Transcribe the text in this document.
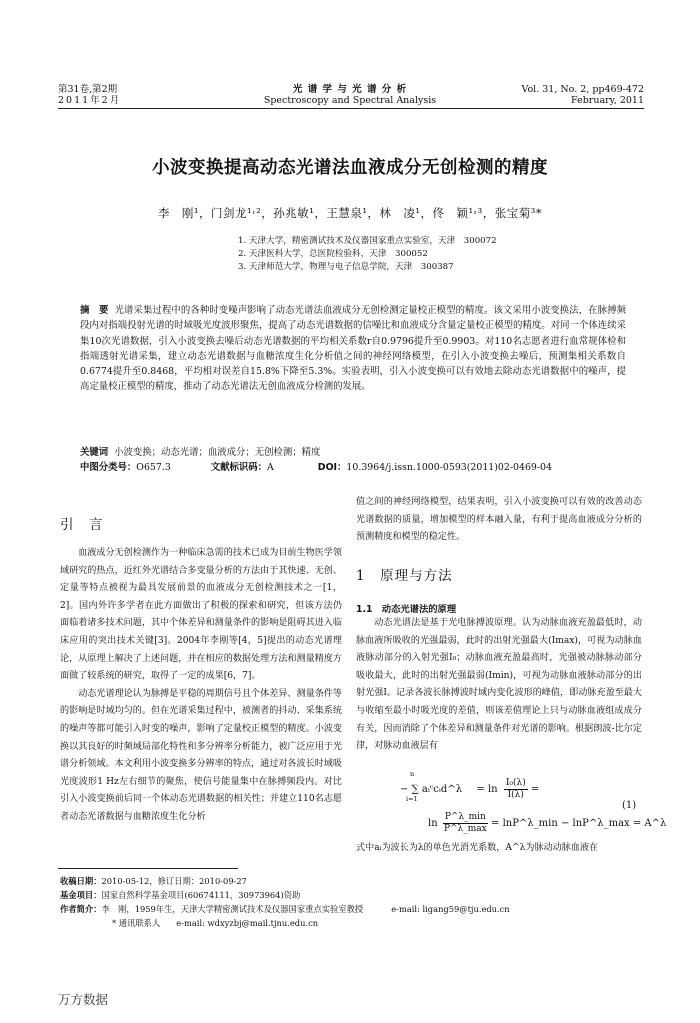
第31卷,第2期
2011年2月
光 谱 学 与 光 谱 分 析
Spectroscopy and Spectral Analysis
Vol. 31, No. 2, pp469-472
February, 2011
小波变换提高动态光谱法血液成分无创检测的精度
李　刚¹，门剑龙¹˒²，孙兆敏¹，王慧泉¹，林　凌¹，佟　颖¹˒³，张宝菊³*
1. 天津大学，精密测试技术及仪器国家重点实验室，天津　300072
2. 天津医科大学，总医院检验科，天津　300052
3. 天津师范大学，物理与电子信息学院，天津　300387
摘　要 光谱采集过程中的各种时变噪声影响了动态光谱法血液成分无创检测定量校正模型的精度。该文采用小波变换法，在脉搏频段内对指端投射光谱的时域吸光度波形聚焦，提高了动态光谱数据的信噪比和血液成分含量定量校正模型的精度。对同一个体连续采集10次光谱数据，引入小波变换去噪后动态光谱数据的平均相关系数r自0.9796提升至0.9903。对110名志愿者进行血常规体检和指端透射光谱采集，建立动态光谱数据与血糖浓度生化分析值之间的神经网络模型，在引入小波变换去噪后，预测集相关系数自0.6774提升至0.8468，平均相对误差自15.8%下降至5.3%。实验表明，引入小波变换可以有效地去除动态光谱数据中的噪声，提高定量校正模型的精度，推动了动态光谱法无创血液成分检测的发展。
关键词 小波变换；动态光谱；血液成分；无创检测；精度
中图分类号：O657.3	文献标识码：A	DOI：10.3964/j.issn.1000-0593(2011)02-0469-04
引　言

血液成分无创检测作为一种临床急需的技术已成为目前生物医学领域研究的热点，近红外光谱结合多变量分析的方法由于其快速、无创、定量等特点被视为最具发展前景的血液成分无创检测技术之一[1，2]。国内外许多学者在此方面做出了积极的探索和研究，但该方法仍面临着诸多技术问题，其中个体差异和测量条件的影响是阻碍其进入临床应用的突出技术关键[3]。2004年李刚等[4，5]提出的动态光谱理论，从原理上解决了上述问题，并在相应的数据处理方法和测量精度方面做了较系统的研究，取得了一定的成果[6，7]。

动态光谱理论认为脉搏是平稳的周期信号且个体差异、测量条件等的影响是时域均匀的。但在光谱采集过程中，被测者的抖动、采集系统的噪声等都可能引入时变的噪声，影响了定量校正模型的精度。小波变换以其良好的时频域局部化特性和多分辨率分析能力，被广泛应用于光谱分析领域。本文利用小波变换多分辨率的特点，通过对各波长时域吸光度波形1 Hz左右细节的聚焦，使信号能量集中在脉搏频段内。对比引入小波变换前后同一个体动态光谱数据的相关性；并建立110名志愿者动态光谱数据与血糖浓度生化分析

值之间的神经网络模型，结果表明，引入小波变换可以有效的改善动态光谱数据的质量，增加模型的样本融入量，有利于提高血液成分分析的预测精度和模型的稳定性。
1　原理与方法
1.1　动态光谱法的原理

动态光谱法是基于光电脉搏波原理。认为动脉血液充盈最低时，动脉血液所吸收的光强最弱，此时的出射光强最大(Imax)，可视为动脉血液脉动部分的入射光强I₀；动脉血液充盈最高时，光强被动脉脉动部分吸收最大，此时的出射光强最弱(Imin)，可视为动脉血液脉动部分的出射光强I。记录各波长脉搏波时域内变化波形的峰值，即动脉充盈至最大与收缩至最小时吸光度的差值，则该差值理论上只与动脉血液组成成分有关，因而消除了个体差异和测量条件对光谱的影响。根据朗波-比尔定律，对脉动血液层有

− ∑ aᵢᶜcᵢd^λ = $\ln \frac{\text{I₀(λ)}}{I(\lambda)}$ =
n
i=1
ln
P^λ_min
P^λ_max = lnP^λ_min − lnP^λ_max = A^λ
(1)
式中aᵢ为波长为λ的单色光消光系数，A^λ为脉动动脉血液在
收稿日期：2010-05-12，修订日期：2010-09-27
基金项目：国家自然科学基金项目(60674111，30973964)资助
作者简介：李　刚，1959年生，天津大学精密测试技术及仪器国家重点实验室教授	e-mail: ligang59@tju.edu.cn
* 通讯联系人 e-mail: wdxyzbj@mail.tjnu.edu.cn
万方数据
